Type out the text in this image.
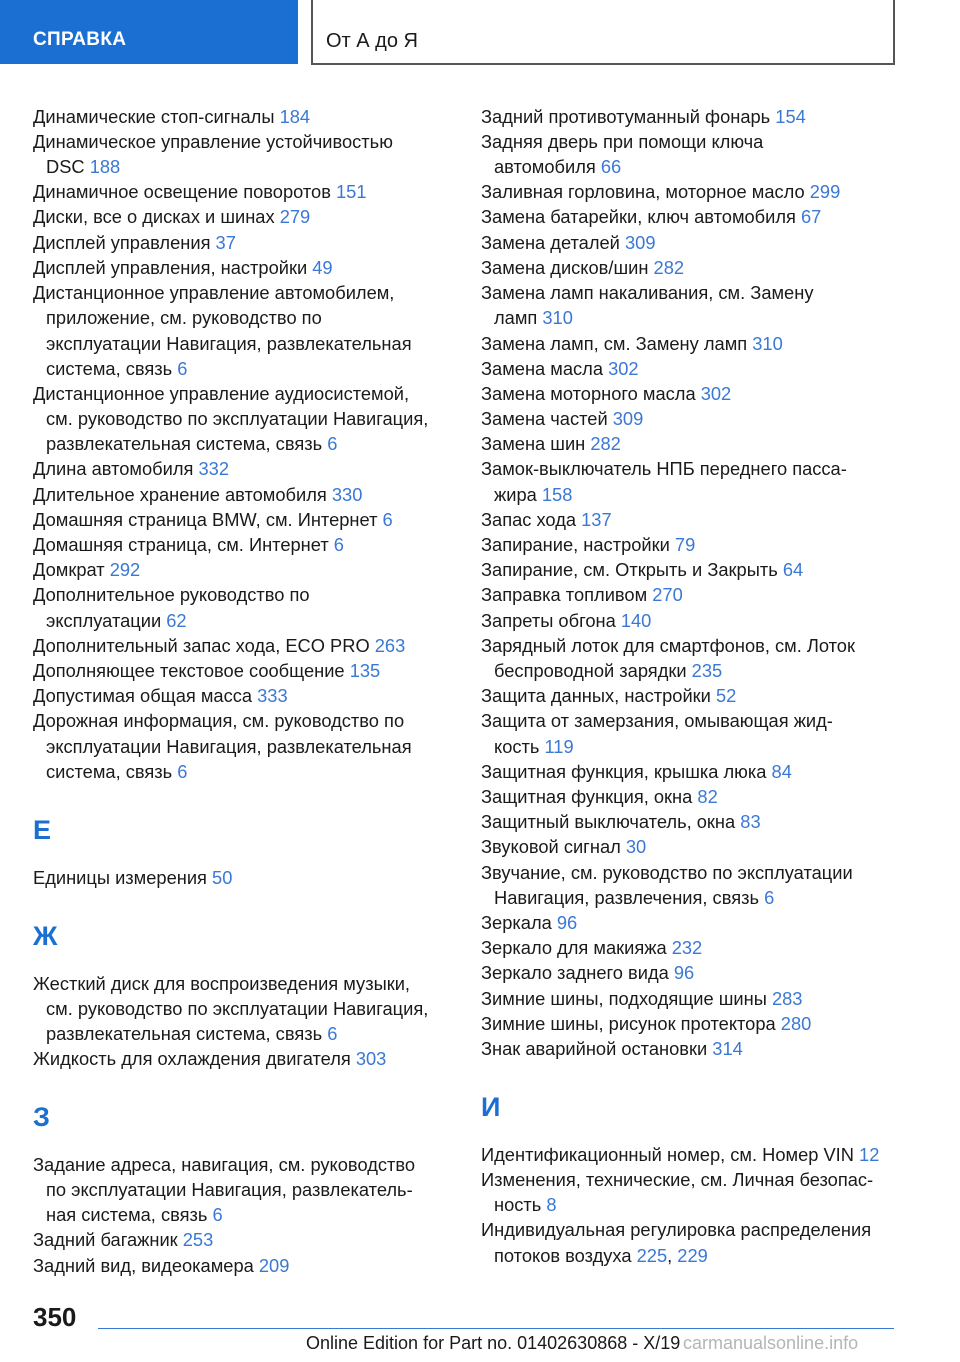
СПРАВКА	От А до Я
Динамические стоп-сигналы 184
Динамическое управление устойчивостью
DSC 188
Динамичное освещение поворотов 151
Диски, все о дисках и шинах 279
Дисплей управления 37
Дисплей управления, настройки 49
Дистанционное управление автомобилем,
приложение, см. руководство по
эксплуатации Навигация, развлекательная
система, связь 6
Дистанционное управление аудиосистемой,
см. руководство по эксплуатации Навигация,
развлекательная система, связь 6
Длина автомобиля 332
Длительное хранение автомобиля 330
Домашняя страница BMW, см. Интернет 6
Домашняя страница, см. Интернет 6
Домкрат 292
Дополнительное руководство по
эксплуатации 62
Дополнительный запас хода, ECO PRO 263
Дополняющее текстовое сообщение 135
Допустимая общая масса 333
Дорожная информация, см. руководство по
эксплуатации Навигация, развлекательная
система, связь 6
Е
Единицы измерения 50
Ж
Жесткий диск для воспроизведения музыки,
см. руководство по эксплуатации Навигация,
развлекательная система, связь 6
Жидкость для охлаждения двигателя 303
З
Задание адреса, навигация, см. руководство
по эксплуатации Навигация, развлекатель-
ная система, связь 6
Задний багажник 253
Задний вид, видеокамера 209
Задний противотуманный фонарь 154
Задняя дверь при помощи ключа
автомобиля 66
Заливная горловина, моторное масло 299
Замена батарейки, ключ автомобиля 67
Замена деталей 309
Замена дисков/шин 282
Замена ламп накаливания, см. Замену
ламп 310
Замена ламп, см. Замену ламп 310
Замена масла 302
Замена моторного масла 302
Замена частей 309
Замена шин 282
Замок-выключатель НПБ переднего пасса-
жира 158
Запас хода 137
Запирание, настройки 79
Запирание, см. Открыть и Закрыть 64
Заправка топливом 270
Запреты обгона 140
Зарядный лоток для смартфонов, см. Лоток
беспроводной зарядки 235
Защита данных, настройки 52
Защита от замерзания, омывающая жид-
кость 119
Защитная функция, крышка люка 84
Защитная функция, окна 82
Защитный выключатель, окна 83
Звуковой сигнал 30
Звучание, см. руководство по эксплуатации
Навигация, развлечения, связь 6
Зеркала 96
Зеркало для макияжа 232
Зеркало заднего вида 96
Зимние шины, подходящие шины 283
Зимние шины, рисунок протектора 280
Знак аварийной остановки 314
И
Идентификационный номер, см. Номер VIN 12
Изменения, технические, см. Личная безопас-
ность 8
Индивидуальная регулировка распределения
потоков воздуха 225, 229
350
Online Edition for Part no. 01402630868 - X/19 carmanualsonline.info
